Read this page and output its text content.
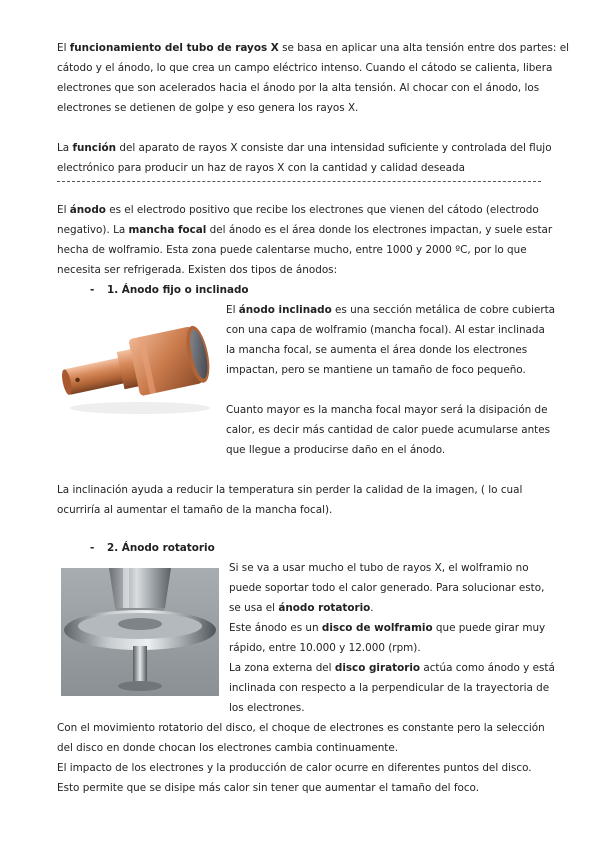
El funcionamiento del tubo de rayos X se basa en aplicar una alta tensión entre dos partes: el
cátodo y el ánodo, lo que crea un campo eléctrico intenso. Cuando el cátodo se calienta, libera
electrones que son acelerados hacia el ánodo por la alta tensión. Al chocar con el ánodo, los
electrones se detienen de golpe y eso genera los rayos X.
La función del aparato de rayos X consiste dar una intensidad suficiente y controlada del flujo
electrónico para producir un haz de rayos X con la cantidad y calidad deseada
El ánodo es el electrodo positivo que recibe los electrones que vienen del cátodo (electrodo
negativo). La mancha focal del ánodo es el área donde los electrones impactan, y suele estar
hecha de wolframio. Esta zona puede calentarse mucho, entre 1000 y 2000 ºC, por lo que
necesita ser refrigerada. Existen dos tipos de ánodos:
- 1. Ánodo fijo o inclinado
El ánodo inclinado es una sección metálica de cobre cubierta
con una capa de wolframio (mancha focal). Al estar inclinada
la mancha focal, se aumenta el área donde los electrones
impactan, pero se mantiene un tamaño de foco pequeño.
Cuanto mayor es la mancha focal mayor será la disipación de
calor, es decir más cantidad de calor puede acumularse antes
que llegue a producirse daño en el ánodo.
La inclinación ayuda a reducir la temperatura sin perder la calidad de la imagen, ( lo cual
ocurriría al aumentar el tamaño de la mancha focal).
- 2. Ánodo rotatorio
Si se va a usar mucho el tubo de rayos X, el wolframio no
puede soportar todo el calor generado. Para solucionar esto,
se usa el ánodo rotatorio.
Este ánodo es un disco de wolframio que puede girar muy
rápido, entre 10.000 y 12.000 (rpm).
La zona externa del disco giratorio actúa como ánodo y está
inclinada con respecto a la perpendicular de la trayectoria de
los electrones.
Con el movimiento rotatorio del disco, el choque de electrones es constante pero la selección
del disco en donde chocan los electrones cambia continuamente.
El impacto de los electrones y la producción de calor ocurre en diferentes puntos del disco.
Esto permite que se disipe más calor sin tener que aumentar el tamaño del foco.
